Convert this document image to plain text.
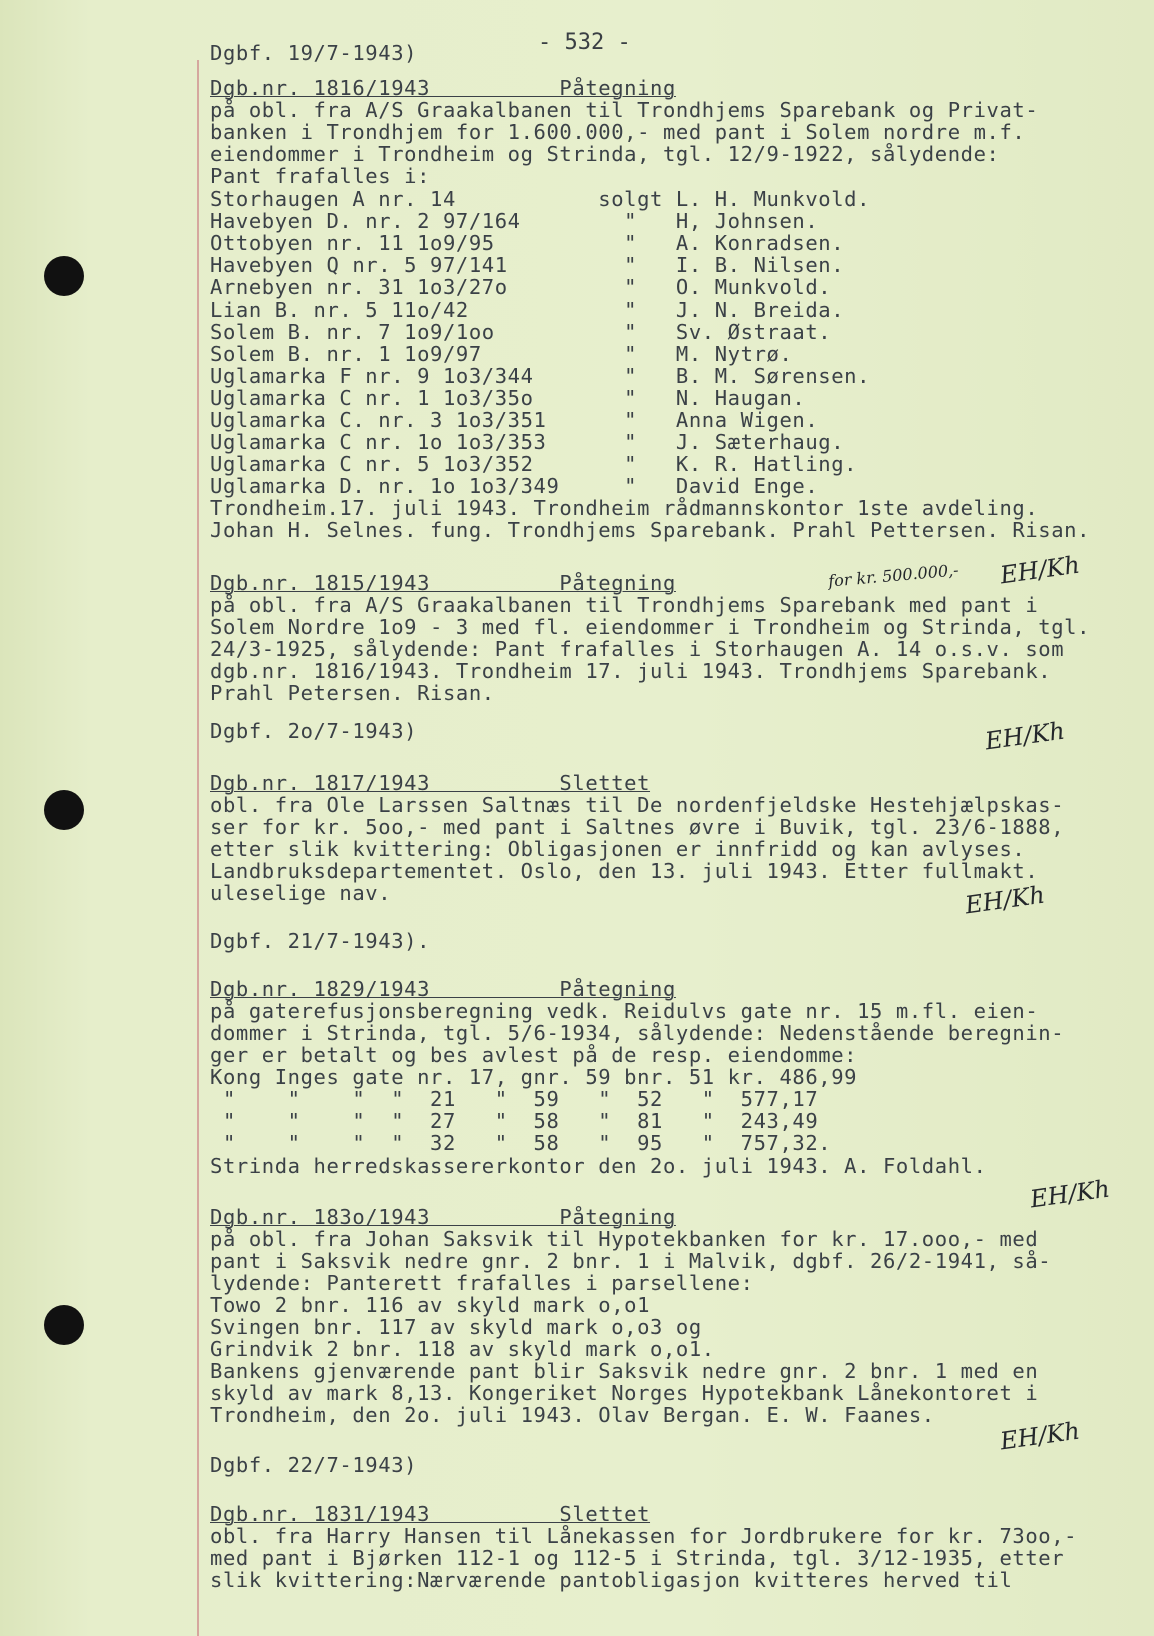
- 532 -
Dgbf. 19/7-1943)
Dgb.nr. 1816/1943          Påtegning
på obl. fra A/S Graakalbanen til Trondhjems Sparebank og Privat-
banken i Trondhjem for 1.600.000,- med pant i Solem nordre m.f.
eiendommer i Trondheim og Strinda, tgl. 12/9-1922, sålydende:
Pant frafalles i:
Storhaugen A nr. 14           solgt L. H. Munkvold.
Havebyen D. nr. 2 97/164        "   H, Johnsen.
Ottobyen nr. 11 1o9/95          "   A. Konradsen.
Havebyen Q nr. 5 97/141         "   I. B. Nilsen.
Arnebyen nr. 31 1o3/27o         "   O. Munkvold.
Lian B. nr. 5 11o/42            "   J. N. Breida.
Solem B. nr. 7 1o9/1oo          "   Sv. Østraat.
Solem B. nr. 1 1o9/97           "   M. Nytrø.
Uglamarka F nr. 9 1o3/344       "   B. M. Sørensen.
Uglamarka C nr. 1 1o3/35o       "   N. Haugan.
Uglamarka C. nr. 3 1o3/351      "   Anna Wigen.
Uglamarka C nr. 1o 1o3/353      "   J. Sæterhaug.
Uglamarka C nr. 5 1o3/352       "   K. R. Hatling.
Uglamarka D. nr. 1o 1o3/349     "   David Enge.
Trondheim.17. juli 1943. Trondheim rådmannskontor 1ste avdeling.
Johan H. Selnes. fung. Trondhjems Sparebank. Prahl Pettersen. Risan.
Dgb.nr. 1815/1943          Påtegning
på obl. fra A/S Graakalbanen til Trondhjems Sparebank med pant i
Solem Nordre 1o9 - 3 med fl. eiendommer i Trondheim og Strinda, tgl.
24/3-1925, sålydende: Pant frafalles i Storhaugen A. 14 o.s.v. som
dgb.nr. 1816/1943. Trondheim 17. juli 1943. Trondhjems Sparebank.
Prahl Petersen. Risan.
Dgbf. 2o/7-1943)
Dgb.nr. 1817/1943          Slettet
obl. fra Ole Larssen Saltnæs til De nordenfjeldske Hestehjælpskas-
ser for kr. 5oo,- med pant i Saltnes øvre i Buvik, tgl. 23/6-1888,
etter slik kvittering: Obligasjonen er innfridd og kan avlyses.
Landbruksdepartementet. Oslo, den 13. juli 1943. Etter fullmakt.
uleselige nav.
Dgbf. 21/7-1943).
Dgb.nr. 1829/1943          Påtegning
på gaterefusjonsberegning vedk. Reidulvs gate nr. 15 m.fl. eien-
dommer i Strinda, tgl. 5/6-1934, sålydende: Nedenstående beregnin-
ger er betalt og bes avlest på de resp. eiendomme:
Kong Inges gate nr. 17, gnr. 59 bnr. 51 kr. 486,99
"    "    "  "  21   "  59   "  52   "  577,17
"    "    "  "  27   "  58   "  81   "  243,49
"    "    "  "  32   "  58   "  95   "  757,32.
Strinda herredskassererkontor den 2o. juli 1943. A. Foldahl.
Dgb.nr. 183o/1943          Påtegning
på obl. fra Johan Saksvik til Hypotekbanken for kr. 17.ooo,- med
pant i Saksvik nedre gnr. 2 bnr. 1 i Malvik, dgbf. 26/2-1941, så-
lydende: Panterett frafalles i parsellene:
Towo 2 bnr. 116 av skyld mark o,o1
Svingen bnr. 117 av skyld mark o,o3 og
Grindvik 2 bnr. 118 av skyld mark o,o1.
Bankens gjenværende pant blir Saksvik nedre gnr. 2 bnr. 1 med en
skyld av mark 8,13. Kongeriket Norges Hypotekbank Lånekontoret i
Trondheim, den 2o. juli 1943. Olav Bergan. E. W. Faanes.
Dgbf. 22/7-1943)
Dgb.nr. 1831/1943          Slettet
obl. fra Harry Hansen til Lånekassen for Jordbrukere for kr. 73oo,-
med pant i Bjørken 112-1 og 112-5 i Strinda, tgl. 3/12-1935, etter
slik kvittering:Nærværende pantobligasjon kvitteres herved til
for kr. 500.000,- EH/Kh
EH/Kh
EH/Kh
EH/Kh
EH/Kh
